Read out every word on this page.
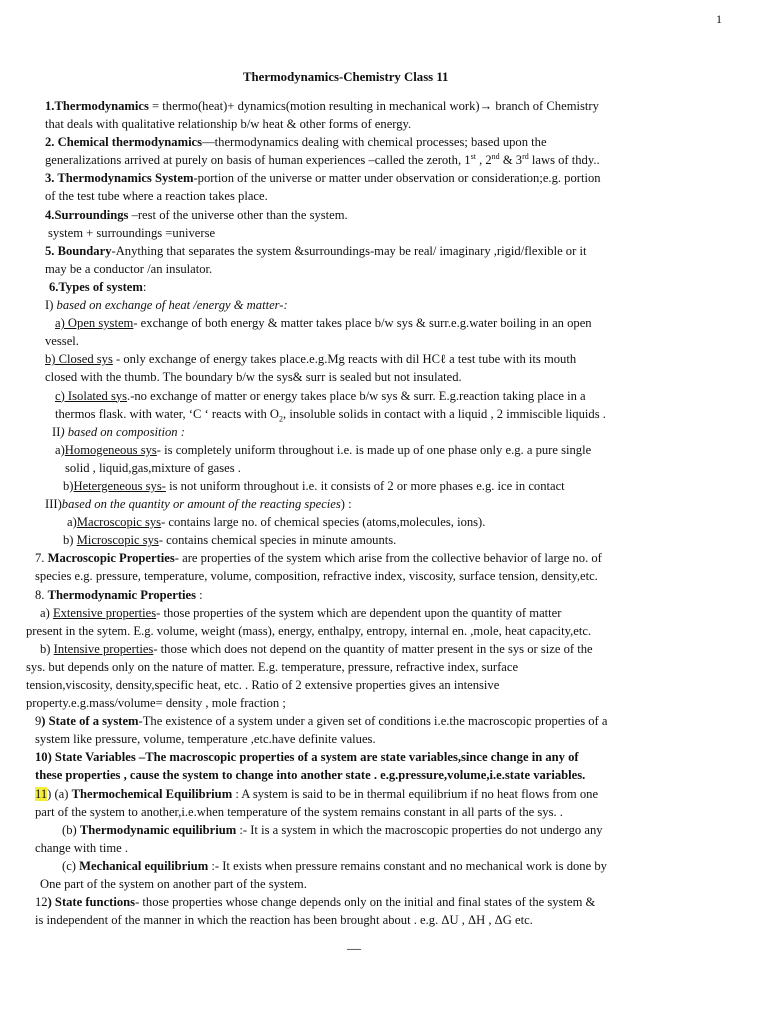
1
Thermodynamics-Chemistry Class 11
1.Thermodynamics = thermo(heat)+ dynamics(motion resulting in mechanical work)→ branch of Chemistry
that deals with qualitative relationship b/w heat & other forms of energy.
2. Chemical thermodynamics—thermodynamics dealing with chemical processes; based upon the
generalizations arrived at purely on basis of human experiences –called the zeroth, 1st , 2nd & 3rd laws of thdy..
3. Thermodynamics System-portion of the universe or matter under observation or consideration;e.g. portion
of the test tube where a reaction takes place.
4.Surroundings –rest of the universe other than the system.
system + surroundings =universe
5. Boundary-Anything that separates the system &surroundings-may be real/ imaginary ,rigid/flexible or it
may be a conductor /an insulator.
6.Types of system:
I) based on exchange of heat /energy & matter-:
a) Open system- exchange of both energy & matter takes place b/w sys & surr.e.g.water boiling in an open
vessel.
b) Closed sys - only exchange of energy takes place.e.g.Mg reacts with dil HCℓ a test tube with its mouth
closed with the thumb. The boundary b/w the sys& surr is sealed but not insulated.
c) Isolated sys.-no exchange of matter or energy takes place b/w sys & surr. E.g.reaction taking place in a
thermos flask. with water, ‘C ‘ reacts with $O_2$, insoluble solids in contact with a liquid , 2 immiscible liquids .
II) based on composition :
a)Homogeneous sys- is completely uniform throughout i.e. is made up of one phase only e.g. a pure single
solid , liquid,gas,mixture of gases .
b)Hetergeneous sys- is not uniform throughout i.e. it consists of 2 or more phases e.g. ice in contact
III)based on the quantity or amount of the reacting species) :
a)Macroscopic sys- contains large no. of chemical species (atoms,molecules, ions).
b) Microscopic sys- contains chemical species in minute amounts.
7. Macroscopic Properties- are properties of the system which arise from the collective behavior of large no. of
species e.g. pressure, temperature, volume, composition, refractive index, viscosity, surface tension, density,etc.
8. Thermodynamic Properties :
a) Extensive properties- those properties of the system which are dependent upon the quantity of matter
present in the sytem. E.g. volume, weight (mass), energy, enthalpy, entropy, internal en. ,mole, heat capacity,etc.
b) Intensive properties- those which does not depend on the quantity of matter present in the sys or size of the
sys. but depends only on the nature of matter. E.g. temperature, pressure, refractive index, surface
tension,viscosity, density,specific heat, etc. . Ratio of 2 extensive properties gives an intensive
property.e.g.mass/volume= density , mole fraction ;
9) State of a system-The existence of a system under a given set of conditions i.e.the macroscopic properties of a
system like pressure, volume, temperature ,etc.have definite values.
10) State Variables –The macroscopic properties of a system are state variables,since change in any of
these properties , cause the system to change into another state . e.g.pressure,volume,i.e.state variables.
11) (a) Thermochemical Equilibrium : A system is said to be in thermal equilibrium if no heat flows from one
part of the system to another,i.e.when temperature of the system remains constant in all parts of the sys. .
(b) Thermodynamic equilibrium :- It is a system in which the macroscopic properties do not undergo any
change with time .
(c) Mechanical equilibrium :- It exists when pressure remains constant and no mechanical work is done by
One part of the system on another part of the system.
12) State functions- those properties whose change depends only on the initial and final states of the system &
is independent of the manner in which the reaction has been brought about . e.g. ΔU , ΔH , ΔG etc.
__
